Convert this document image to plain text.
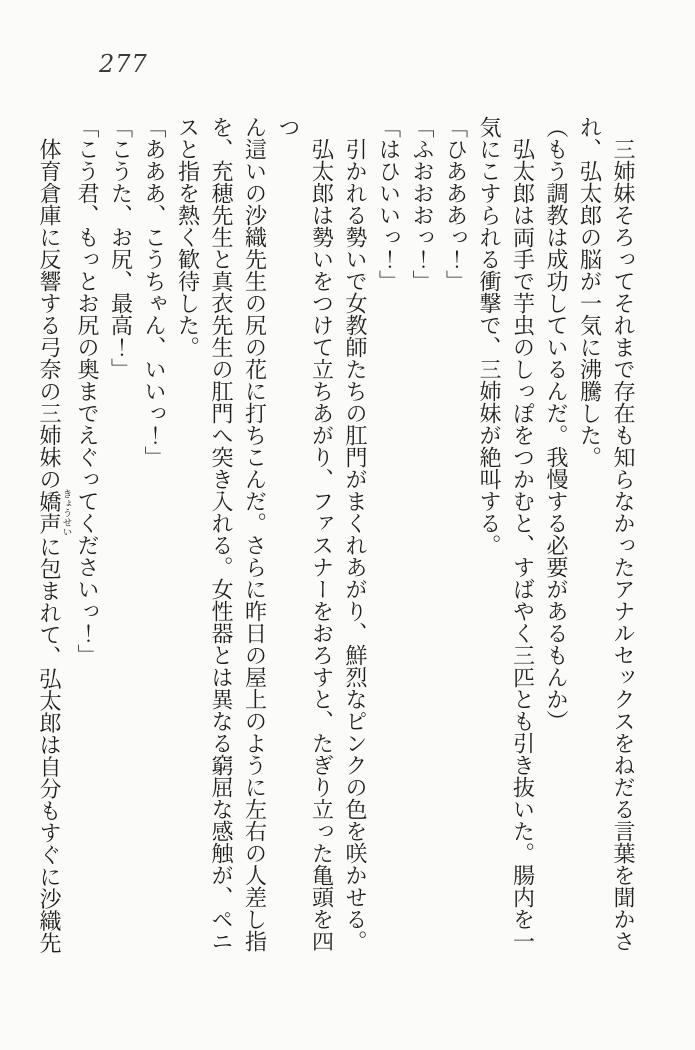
277

三姉妹そろってそれまで存在も知らなかったアナルセックスをねだる言葉を聞かさ
れ、弘太郎の脳が一気に沸騰した。

（もう調教は成功しているんだ。我慢する必要があるもんか）

弘太郎は両手で芋虫のしっぽをつかむと、すばやく三匹とも引き抜いた。腸内を一
気にこすられる衝撃で、三姉妹が絶叫する。

「ひあああっ！」

「ふおおおっ！」

「はひいいっ！」

引かれる勢いで女教師たちの肛門がまくれあがり、鮮烈なピンクの色を咲かせる。

弘太郎は勢いをつけて立ちあがり、ファスナーをおろすと、たぎり立った亀頭を四つ
ん這いの沙織先生の尻の花に打ちこんだ。さらに昨日の屋上のように左右の人差し指
を、充穂先生と真衣先生の肛門へ突き入れる。女性器とは異なる窮屈な感触が、ペニ
スと指を熱く歓待した。

「あああ、こうちゃん、いいっ！」

「こうた、お尻、最高！」

「こう君、もっとお尻の奥までえぐってくださいっ！」

体育倉庫に反響する弓奈の三姉妹の嬌声きょうせいに包まれて、弘太郎は自分もすぐに沙織先
